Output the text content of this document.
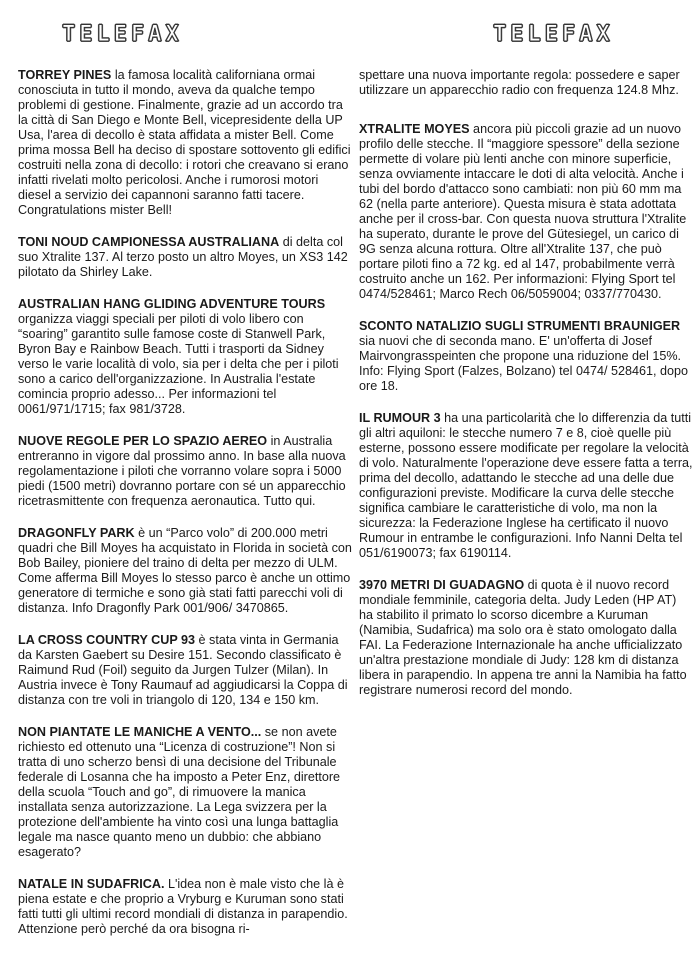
TELEFAX	TELEFAX

TORREY PINES la famosa località californiana ormai conosciuta in tutto il mondo, aveva da qualche tempo problemi di gestione. Finalmente, grazie ad un accordo tra la città di San Diego e Monte Bell, vicepresidente della UP Usa, l'area di decollo è stata affidata a mister Bell. Come prima mossa Bell ha deciso di spostare sottovento gli edifici costruiti nella zona di decollo: i rotori che creavano si erano infatti rivelati molto pericolosi. Anche i rumorosi motori diesel a servizio dei capannoni saranno fatti tacere. Congratulations mister Bell!

TONI NOUD CAMPIONESSA AUSTRALIANA di delta col suo Xtralite 137. Al terzo posto un altro Moyes, un XS3 142 pilotato da Shirley Lake.

AUSTRALIAN HANG GLIDING ADVENTURE TOURS organizza viaggi speciali per piloti di volo libero con “soaring” garantito sulle famose coste di Stanwell Park, Byron Bay e Rainbow Beach. Tutti i trasporti da Sidney verso le varie località di volo, sia per i delta che per i piloti sono a carico dell'organizzazione. In Australia l'estate comincia proprio adesso... Per informazioni tel 0061/971/1715; fax 981/3728.

NUOVE REGOLE PER LO SPAZIO AEREO in Australia entreranno in vigore dal prossimo anno. In base alla nuova regolamentazione i piloti che vorranno volare sopra i 5000 piedi (1500 metri) dovranno portare con sé un apparecchio ricetrasmittente con frequenza aeronautica. Tutto qui.

DRAGONFLY PARK è un “Parco volo” di 200.000 metri quadri che Bill Moyes ha acquistato in Florida in società con Bob Bailey, pioniere del traino di delta per mezzo di ULM. Come afferma Bill Moyes lo stesso parco è anche un ottimo generatore di termiche e sono già stati fatti parecchi voli di distanza. Info Dragonfly Park 001/906/ 3470865.

LA CROSS COUNTRY CUP 93 è stata vinta in Germania da Karsten Gaebert su Desire 151. Secondo classificato è Raimund Rud (Foil) seguito da Jurgen Tulzer (Milan). In Austria invece è Tony Raumauf ad aggiudicarsi la Coppa di distanza con tre voli in triangolo di 120, 134 e 150 km.

NON PIANTATE LE MANICHE A VENTO... se non avete richiesto ed ottenuto una “Licenza di costruzione”! Non si tratta di uno scherzo bensì di una decisione del Tribunale federale di Losanna che ha imposto a Peter Enz, direttore della scuola “Touch and go”, di rimuovere la manica installata senza autorizzazione. La Lega svizzera per la protezione dell'ambiente ha vinto così una lunga battaglia legale ma nasce quanto meno un dubbio: che abbiano esagerato?

NATALE IN SUDAFRICA. L'idea non è male visto che là è piena estate e che proprio a Vryburg e Kuruman sono stati fatti tutti gli ultimi record mondiali di distanza in parapendio. Attenzione però perché da ora bisogna ri-

spettare una nuova importante regola: possedere e saper utilizzare un apparecchio radio con frequenza 124.8 Mhz.

XTRALITE MOYES ancora più piccoli grazie ad un nuovo profilo delle stecche. Il “maggiore spessore” della sezione permette di volare più lenti anche con minore superficie, senza ovviamente intaccare le doti di alta velocità. Anche i tubi del bordo d'attacco sono cambiati: non più 60 mm ma 62 (nella parte anteriore). Questa misura è stata adottata anche per il cross-bar. Con questa nuova struttura l'Xtralite ha superato, durante le prove del Gütesiegel, un carico di 9G senza alcuna rottura. Oltre all'Xtralite 137, che può portare piloti fino a 72 kg. ed al 147, probabilmente verrà costruito anche un 162. Per informazioni: Flying Sport tel 0474/528461; Marco Rech 06/5059004; 0337/770430.

SCONTO NATALIZIO SUGLI STRUMENTI BRAUNIGER sia nuovi che di seconda mano. E' un'offerta di Josef Mairvongrasspeinten che propone una riduzione del 15%. Info: Flying Sport (Falzes, Bolzano) tel 0474/ 528461, dopo ore 18.

IL RUMOUR 3 ha una particolarità che lo differenzia da tutti gli altri aquiloni: le stecche numero 7 e 8, cioè quelle più esterne, possono essere modificate per regolare la velocità di volo. Naturalmente l'operazione deve essere fatta a terra, prima del decollo, adattando le stecche ad una delle due configurazioni previste. Modificare la curva delle stecche significa cambiare le caratteristiche di volo, ma non la sicurezza: la Federazione Inglese ha certificato il nuovo Rumour in entrambe le configurazioni. Info Nanni Delta tel 051/6190073; fax 6190114.

3970 METRI DI GUADAGNO di quota è il nuovo record mondiale femminile, categoria delta. Judy Leden (HP AT) ha stabilito il primato lo scorso dicembre a Kuruman (Namibia, Sudafrica) ma solo ora è stato omologato dalla FAI. La Federazione Internazionale ha anche ufficializzato un'altra prestazione mondiale di Judy: 128 km di distanza libera in parapendio. In appena tre anni la Namibia ha fatto registrare numerosi record del mondo.
